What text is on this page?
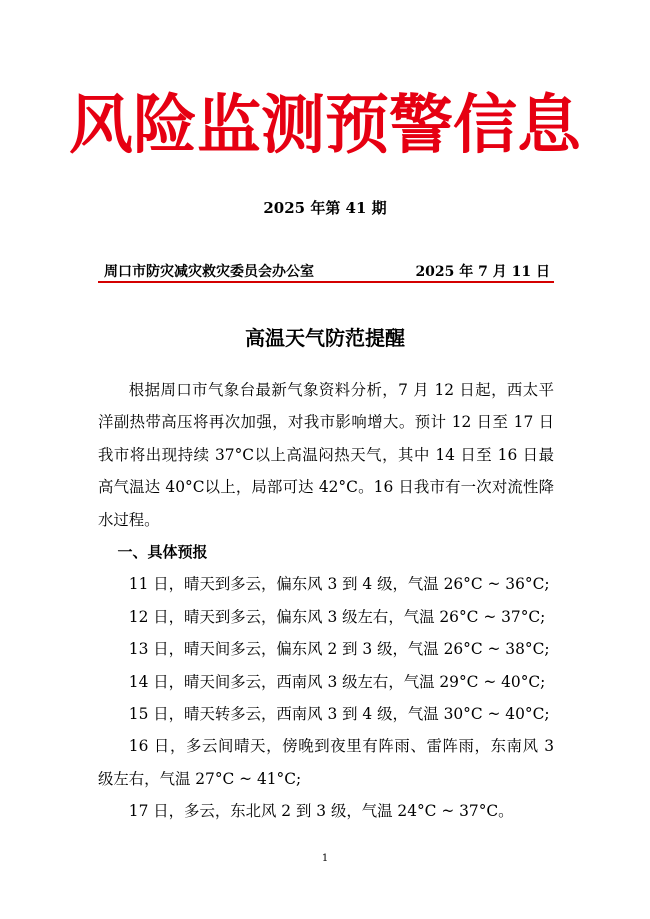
风险监测预警信息
2025 年第 41 期
周口市防灾减灾救灾委员会办公室	2025 年 7 月 11 日
高温天气防范提醒

根据周口市气象台最新气象资料分析，7 月 12 日起，西太平洋副热带高压将再次加强，对我市影响增大。预计 12 日至 17 日我市将出现持续 37°C以上高温闷热天气，其中 14 日至 16 日最高气温达 40°C以上，局部可达 42°C。16 日我市有一次对流性降水过程。

一、具体预报

11 日，晴天到多云，偏东风 3 到 4 级，气温 26°C ~ 36°C;

12 日，晴天到多云，偏东风 3 级左右，气温 26°C ~ 37°C;

13 日，晴天间多云，偏东风 2 到 3 级，气温 26°C ~ 38°C;

14 日，晴天间多云，西南风 3 级左右，气温 29°C ~ 40°C;

15 日，晴天转多云，西南风 3 到 4 级，气温 30°C ~ 40°C;

16 日，多云间晴天，傍晚到夜里有阵雨、雷阵雨，东南风 3 级左右，气温 27°C ~ 41°C;

17 日，多云，东北风 2 到 3 级，气温 24°C ~ 37°C。

1
